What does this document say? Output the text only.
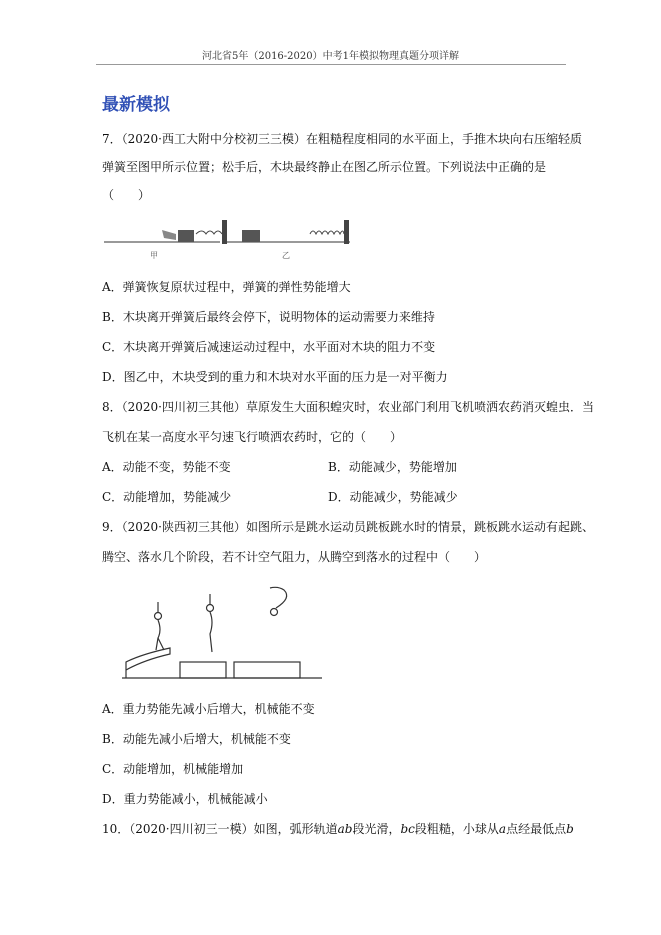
河北省5年（2016-2020）中考1年模拟物理真题分项详解
最新模拟
7．（2020·西工大附中分校初三三模）在粗糙程度相同的水平面上，手推木块向右压缩轻质
弹簧至图甲所示位置；松手后，木块最终静止在图乙所示位置。下列说法中正确的是
（　　）
甲	乙
A．弹簧恢复原状过程中，弹簧的弹性势能增大
B．木块离开弹簧后最终会停下，说明物体的运动需要力来维持
C．木块离开弹簧后减速运动过程中，水平面对木块的阻力不变
D．图乙中，木块受到的重力和木块对水平面的压力是一对平衡力
8．（2020·四川初三其他）草原发生大面积蝗灾时，农业部门利用飞机喷洒农药消灭蝗虫．当
飞机在某一高度水平匀速飞行喷洒农药时，它的（　　）
A．动能不变，势能不变	B．动能减少，势能增加
C．动能增加，势能减少	D．动能减少，势能减少
9．（2020·陕西初三其他）如图所示是跳水运动员跳板跳水时的情景，跳板跳水运动有起跳、
腾空、落水几个阶段，若不计空气阻力，从腾空到落水的过程中（　　）
A．重力势能先减小后增大，机械能不变
B．动能先减小后增大，机械能不变
C．动能增加，机械能增加
D．重力势能减小，机械能减小
10．（2020·四川初三一模）如图，弧形轨道ab段光滑，bc段粗糙，小球从a点经最低点b
